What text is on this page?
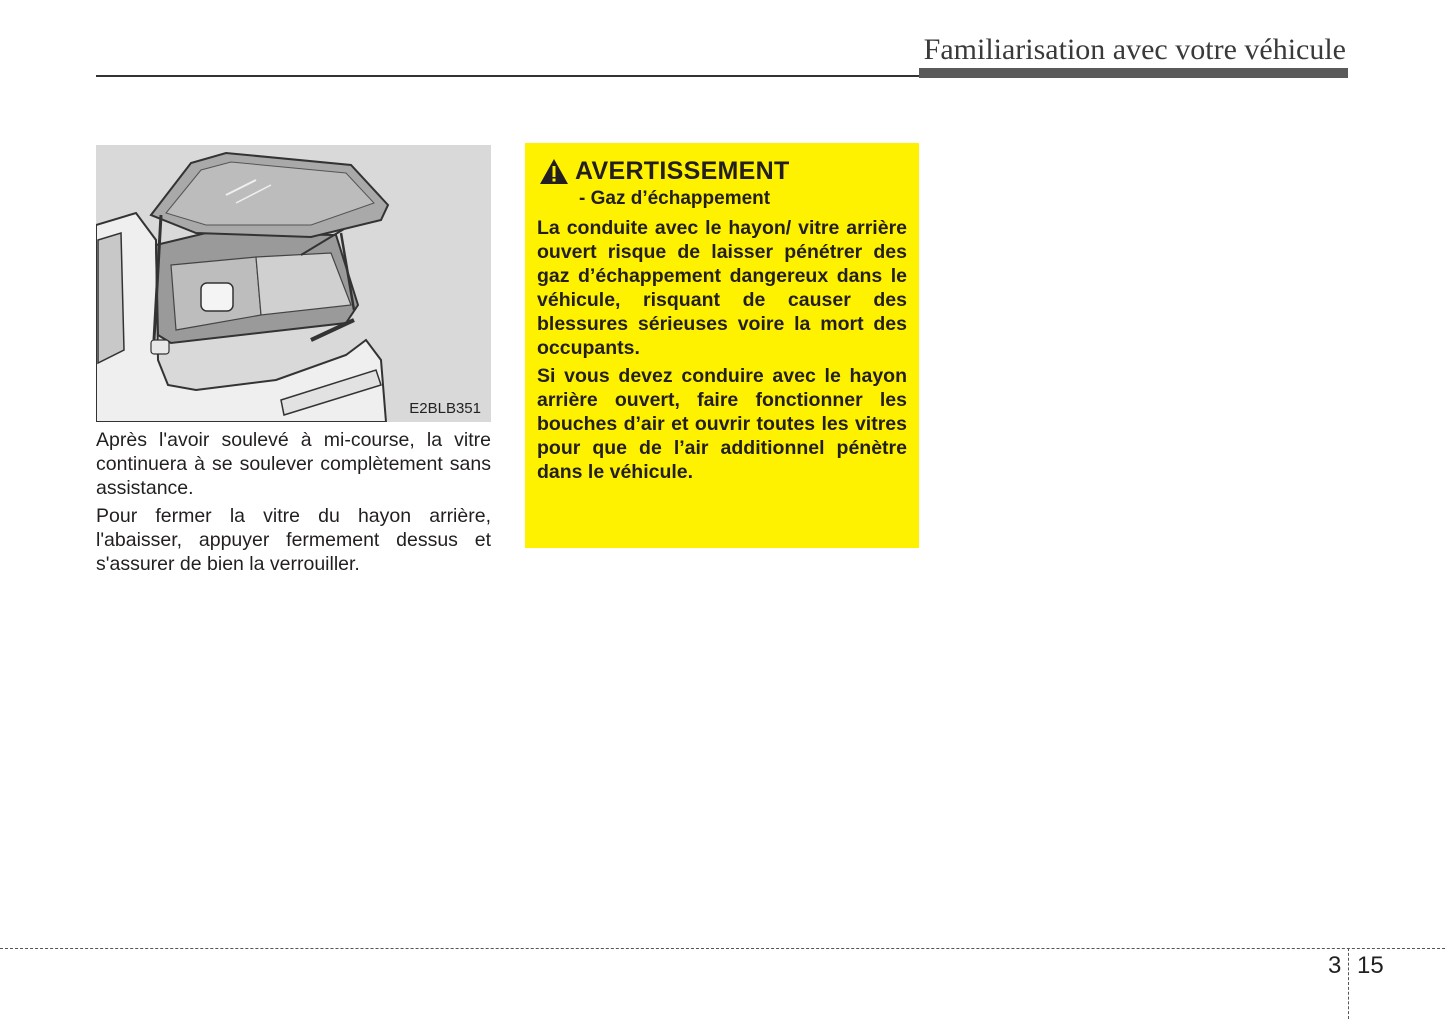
Familiarisation avec votre véhicule
E2BLB351

Après l'avoir soulevé à mi-course, la vitre continuera à se soulever complètement sans assistance.

Pour fermer la vitre du hayon arrière, l'abaisser, appuyer fermement dessus et s'assurer de bien la verrouiller.

AVERTISSEMENT
- Gaz d’échappement

La conduite avec le hayon/ vitre arrière ouvert risque de laisser pénétrer des gaz d’échappement dangereux dans le véhicule, risquant de causer des blessures sérieuses voire la mort des occupants.

Si vous devez conduire avec le hayon arrière ouvert, faire fonctionner les bouches d’air et ouvrir toutes les vitres pour que de l’air additionnel pénètre dans le véhicule.

3 15
